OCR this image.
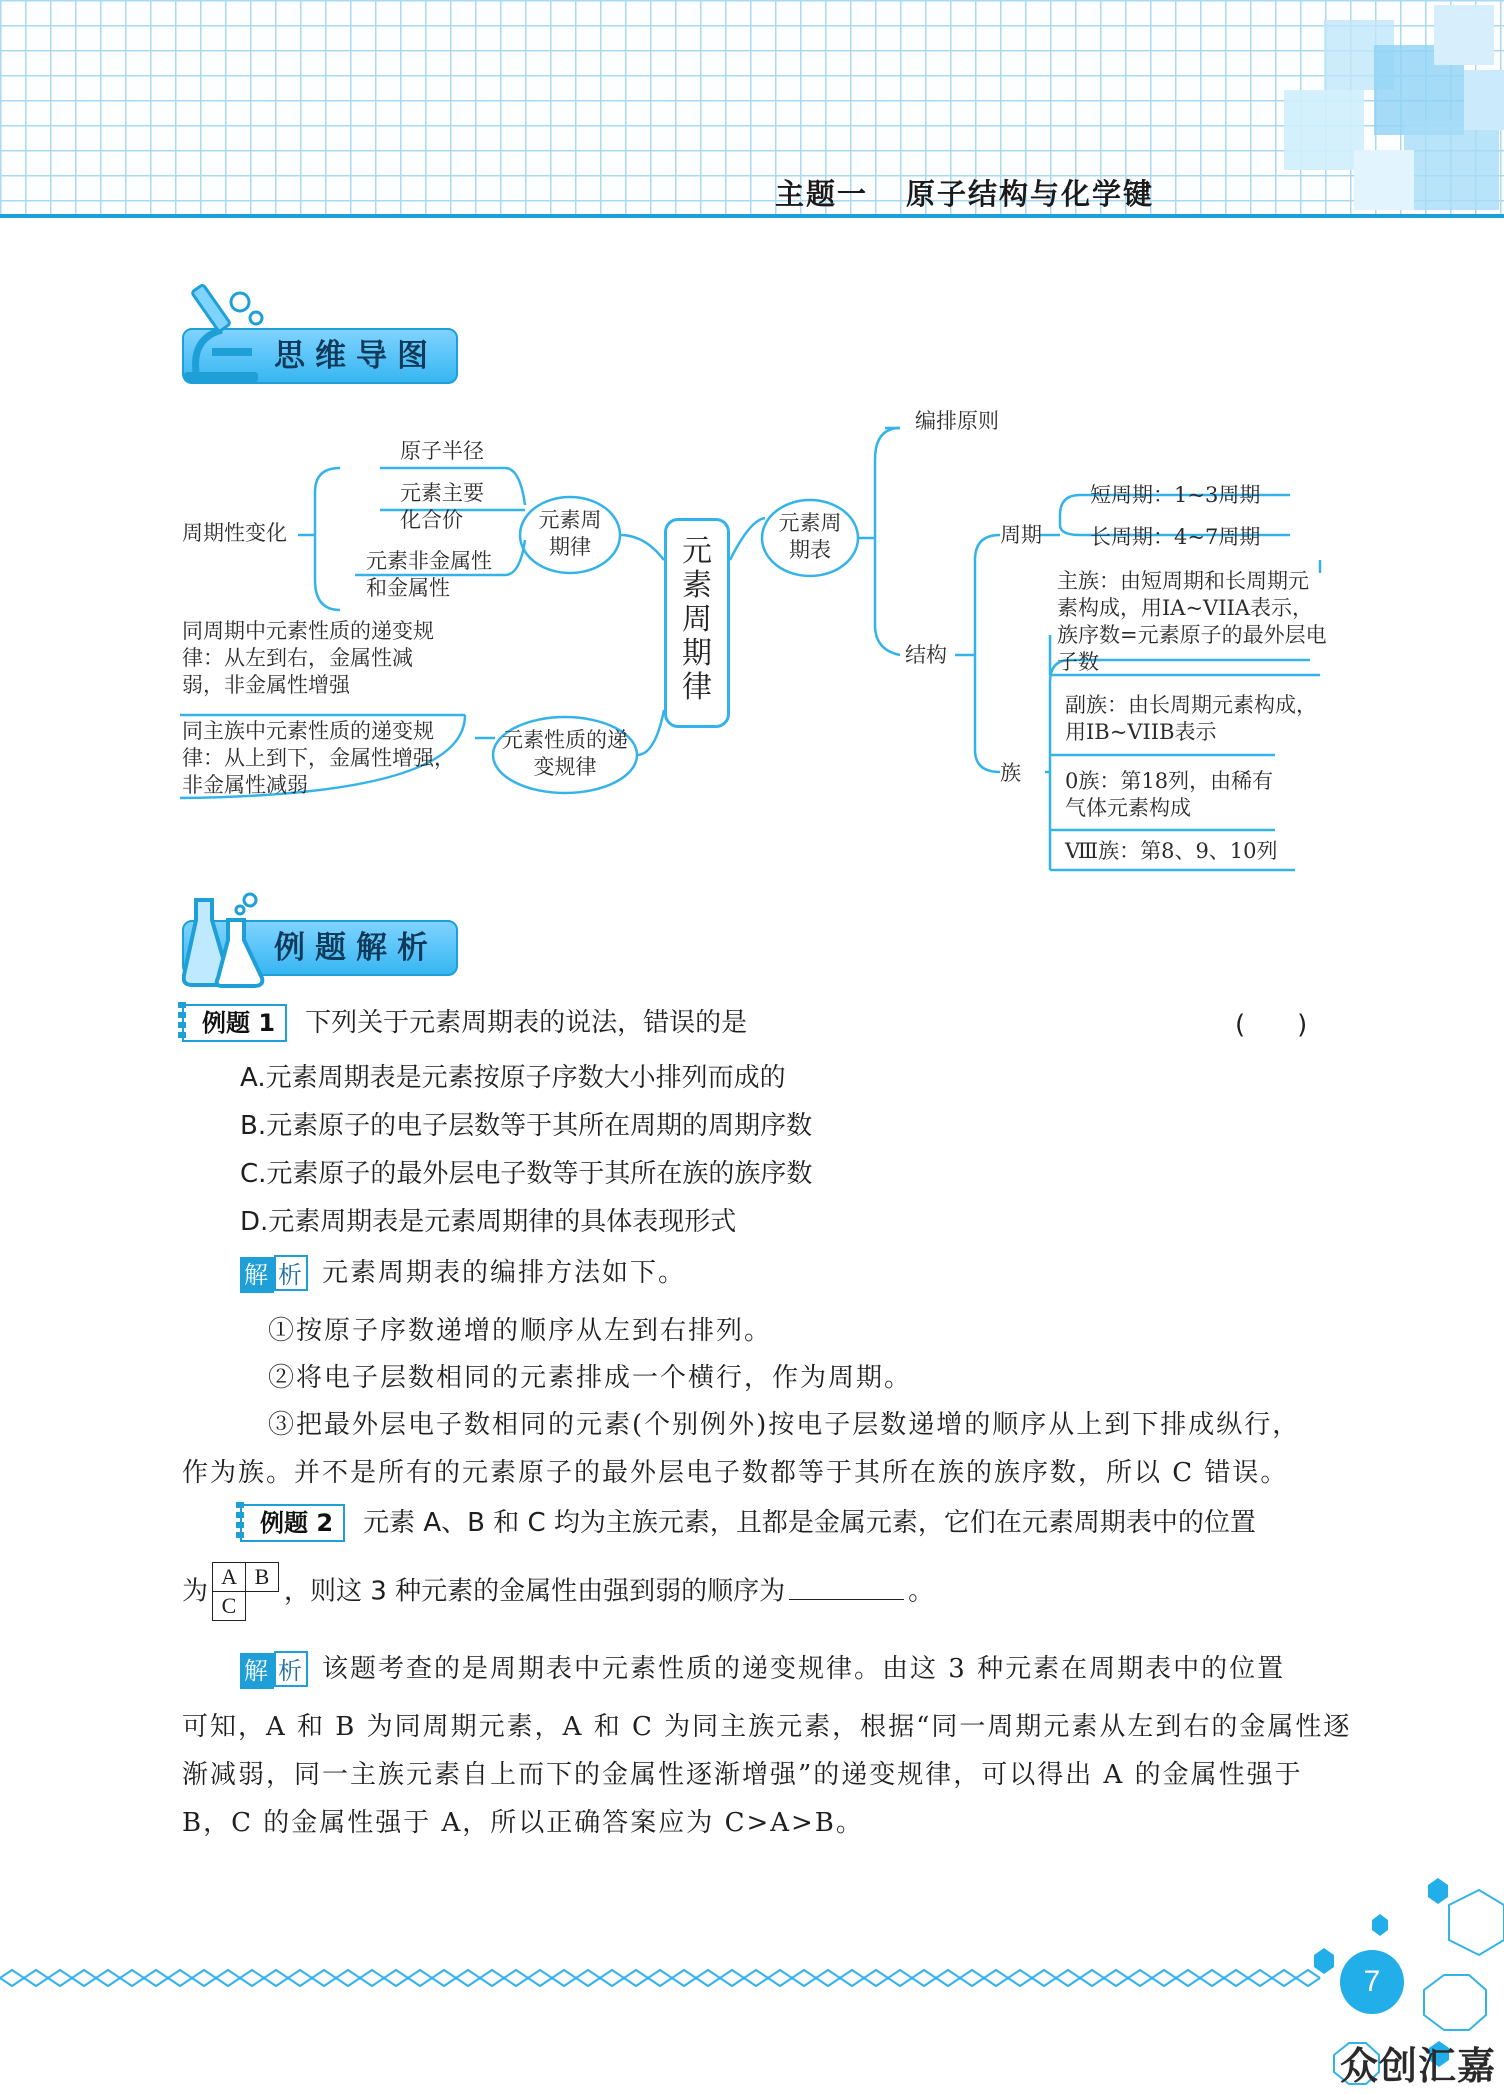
主题一 原子结构与化学键
思维导图
周期性变化
原子半径
元素主要化合价
元素非金属性和金属性
元素周期律
同周期中元素性质的递变规律：从左到右，金属性减弱，非金属性增强
同主族中元素性质的递变规律：从上到下，金属性增强，非金属性减弱
元素性质的递变规律
元素周期律
元素周期表
编排原则
结构
周期
短周期：1~3周期
长周期：4~7周期
主族：由短周期和长周期元素构成，用IA~VIIA表示，族序数=元素原子的最外层电子数
族
副族：由长周期元素构成，用IB~VIIB表示
0族：第18列，由稀有气体元素构成
Ⅷ族：第8、9、10列
例题解析
例题 1 下列关于元素周期表的说法，错误的是	(　　)
A.元素周期表是元素按原子序数大小排列而成的
B.元素原子的电子层数等于其所在周期的周期序数
C.元素原子的最外层电子数等于其所在族的族序数
D.元素周期表是元素周期律的具体表现形式
解 析 元素周期表的编排方法如下。
①按原子序数递增的顺序从左到右排列。
②将电子层数相同的元素排成一个横行，作为周期。
③把最外层电子数相同的元素(个别例外)按电子层数递增的顺序从上到下排成纵行，
作为族。并不是所有的元素原子的最外层电子数都等于其所在族的族序数，所以 C 错误。
例题 2 元素 A、B 和 C 均为主族元素，且都是金属元素，它们在元素周期表中的位置
为 A B
C	，则这 3 种元素的金属性由强到弱的顺序为	。
解 析 该题考查的是周期表中元素性质的递变规律。由这 3 种元素在周期表中的位置
可知，A 和 B 为同周期元素，A 和 C 为同主族元素，根据“同一周期元素从左到右的金属性逐
渐减弱，同一主族元素自上而下的金属性逐渐增强”的递变规律，可以得出 A 的金属性强于
B，C 的金属性强于 A，所以正确答案应为 C>A>B。
7
众创汇嘉
